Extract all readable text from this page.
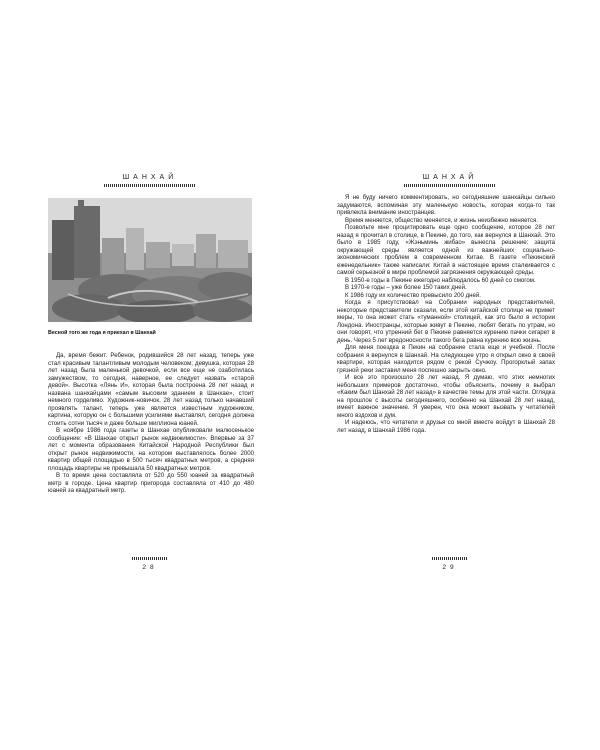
ШАНХАЙ
Весной того же года я приехал в Шанхай

Да, время бежит. Ребенок, родившийся 28 лет назад, теперь уже стал красивым талантливым молодым человеком; девушка, которая 28 лет назад была маленькой девочкой, если все еще не озаботилась замужеством, то сегодня, наверное, ее следует назвать «старой девой». Высотка «Лянь И», которая была построена 28 лет назад и названа шанхайцами «самым высоким зданием в Шанхае», стоит немного горделиво. Художник-новичок, 28 лет назад только начавший проявлять талант, теперь уже является известным художником, картина, которую он с большими усилиями выставлял, сегодня должна стоить сотни тысяч и даже больше миллиона юаней.

В ноябре 1986 года газеты в Шанхае опубликовали малюсенькое сообщение: «В Шанхае открыт рынок недвижимости». Впервые за 37 лет с момента образования Китайской Народной Республики был открыт рынок недвижимости, на котором выставлялось более 2000 квартир общей площадью в 500 тысяч квадратных метров, а средняя площадь квартиры не превышала 50 квадратных метров.

В то время цена составляла от 520 до 550 юаней за квадратный метр в городе. Цена квартир пригорода составляла от 410 до 480 юаней за квадратный метр.

28
ШАНХАЙ

Я не буду ничего комментировать, но сегодняшние шанхайцы сильно задумаются, вспоминая эту маленькую новость, которая когда-то так привлекла внимание иностранцев.

Время меняется, общество меняется, и жизнь неизбежно меняется.

Позвольте мне процитировать еще одно сообщение, которое 28 лет назад я прочитал в столице, в Пекине, до того, как вернулся в Шанхай. Это было в 1985 году, «Жэньминь жибао» вынесла решение: защита окружающей среды является одной из важнейших социально-экономических проблем в современном Китае. В газете «Пекинский еженедельник» также написали: Китай в настоящее время сталкивается с самой серьезной в мире проблемой загрязнения окружающей среды.

В 1950-е годы в Пекине ежегодно наблюдалось 60 дней со смогом.

В 1970-е годы – уже более 150 таких дней.

К 1986 году их количество превысило 200 дней.

Когда я присутствовал на Собрании народных представителей, некоторые представители сказали, если этой китайской столице не примет меры, то она может стать «туманной» столицей, как это было в истории Лондона. Иностранцы, которые живут в Пекине, любят бегать по утрам, но они говорят, что утренний бег в Пекине равняется курению пачки сигарет в день. Через 5 лет вредоносности такого бега равна курению всю жизнь.

Для меня поездка в Пекин на собрание стала еще и учебной. После собрания я вернулся в Шанхай. На следующее утро я открыл окно в своей квартире, которая находится рядом с рекой Сучжоу. Прогорклый запах грязной реки заставил меня поспешно закрыть окно.

И все это произошло 28 лет назад. Я думаю, что этих немногих небольших примеров достаточно, чтобы объяснить, почему я выбрал «Каким был Шанхай 28 лет назад» в качестве темы для этой части. Оглядка на прошлое с высоты сегодняшнего, особенно на Шанхай 28 лет назад, имеет важное значение. Я уверен, что она может вызвать у читателей много вздохов и дум.

И надеюсь, что читатели и друзья со мной вместе войдут в Шанхай 28 лет назад, в Шанхай 1986 года.

29
